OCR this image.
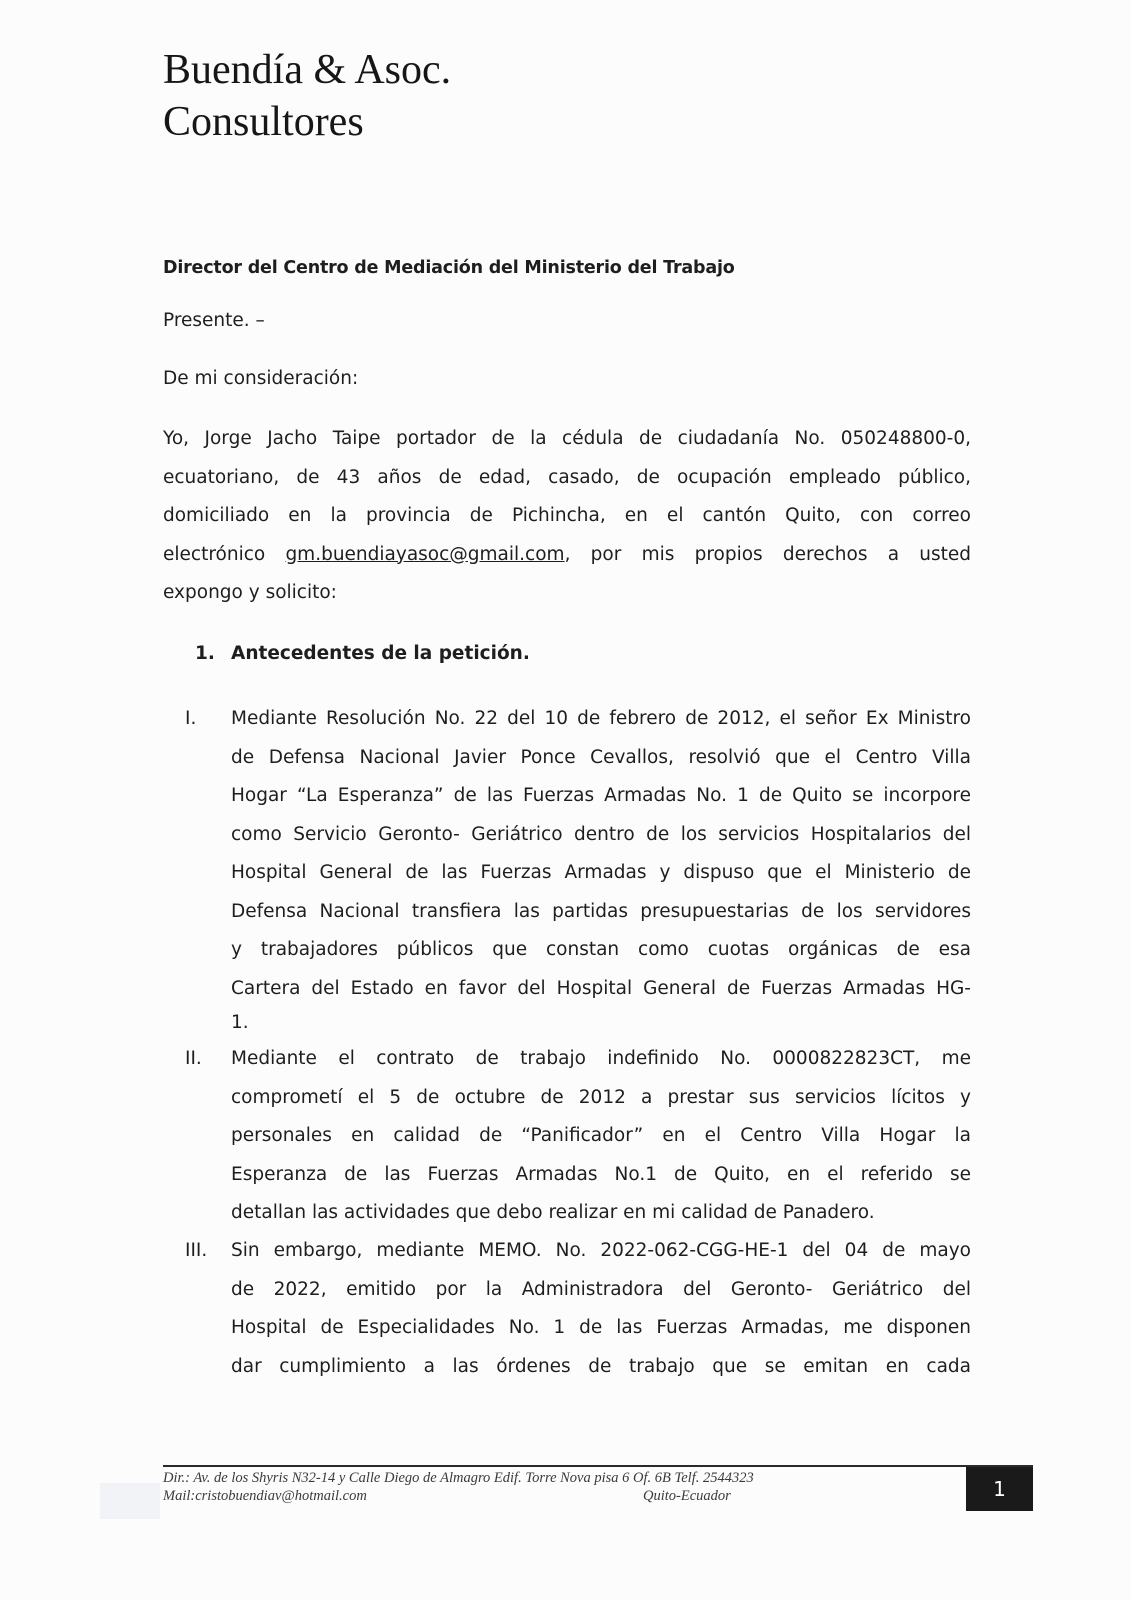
Buendía & Asoc.
Consultores
Director del Centro de Mediación del Ministerio del Trabajo
Presente. –
De mi consideración:
Yo, Jorge Jacho Taipe portador de la cédula de ciudadanía No. 050248800-0,
ecuatoriano, de 43 años de edad, casado, de ocupación empleado público,
domiciliado en la provincia de Pichincha, en el cantón Quito, con correo
electrónico gm.buendiayasoc@gmail.com, por mis propios derechos a usted
expongo y solicito:
1. Antecedentes de la petición.
I. Mediante Resolución No. 22 del 10 de febrero de 2012, el señor Ex Ministro
de Defensa Nacional Javier Ponce Cevallos, resolvió que el Centro Villa
Hogar “La Esperanza” de las Fuerzas Armadas No. 1 de Quito se incorpore
como Servicio Geronto- Geriátrico dentro de los servicios Hospitalarios del
Hospital General de las Fuerzas Armadas y dispuso que el Ministerio de
Defensa Nacional transfiera las partidas presupuestarias de los servidores
y trabajadores públicos que constan como cuotas orgánicas de esa
Cartera del Estado en favor del Hospital General de Fuerzas Armadas HG-
1.
II. Mediante el contrato de trabajo indefinido No. 0000822823CT, me
comprometí el 5 de octubre de 2012 a prestar sus servicios lícitos y
personales en calidad de “Panificador” en el Centro Villa Hogar la
Esperanza de las Fuerzas Armadas No.1 de Quito, en el referido se
detallan las actividades que debo realizar en mi calidad de Panadero.
III. Sin embargo, mediante MEMO. No. 2022-062-CGG-HE-1 del 04 de mayo
de 2022, emitido por la Administradora del Geronto- Geriátrico del
Hospital de Especialidades No. 1 de las Fuerzas Armadas, me disponen
dar cumplimiento a las órdenes de trabajo que se emitan en cada
Dir.: Av. de los Shyris N32-14 y Calle Diego de Almagro Edif. Torre Nova pisa 6 Of. 6B Telf. 2544323
Mail:cristobuendiav@hotmail.com	Quito-Ecuador	1
